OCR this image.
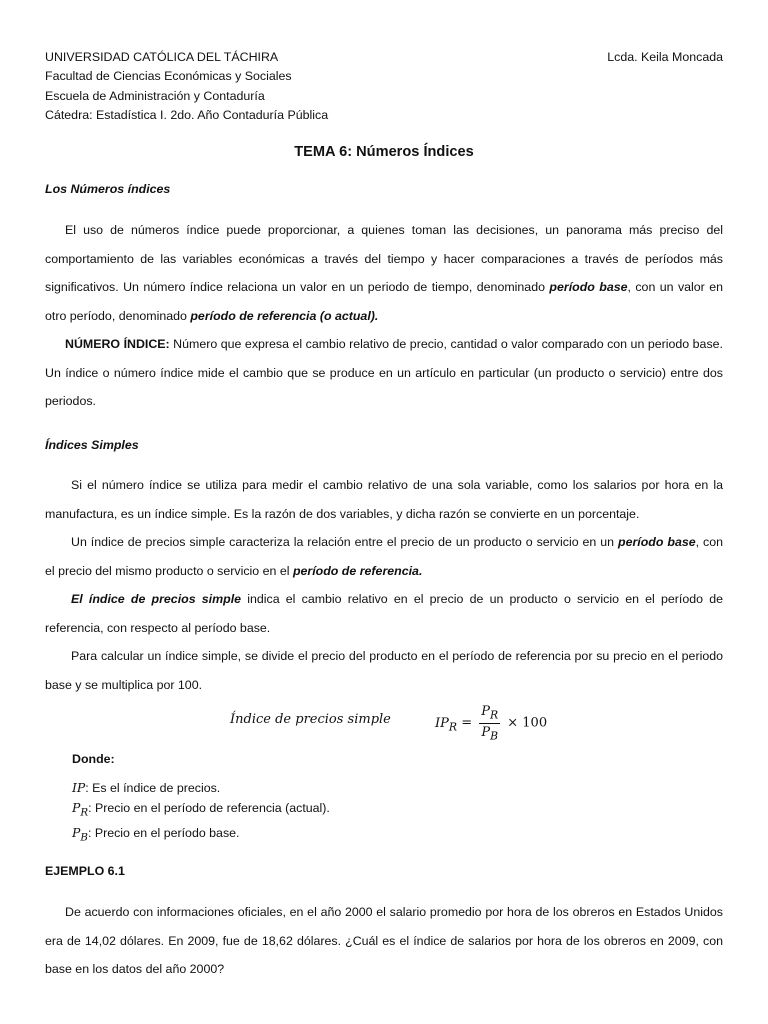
UNIVERSIDAD CATÓLICA DEL TÁCHIRA
Facultad de Ciencias Económicas y Sociales
Escuela de Administración y Contaduría
Cátedra: Estadística I. 2do. Año Contaduría Pública
Lcda. Keila Moncada
TEMA 6: Números Índices
Los Números índices
El uso de números índice puede proporcionar, a quienes toman las decisiones, un panorama más preciso del comportamiento de las variables económicas a través del tiempo y hacer comparaciones a través de períodos más significativos. Un número índice relaciona un valor en un periodo de tiempo, denominado período base, con un valor en otro período, denominado período de referencia (o actual).
NÚMERO ÍNDICE: Número que expresa el cambio relativo de precio, cantidad o valor comparado con un periodo base. Un índice o número índice mide el cambio que se produce en un artículo en particular (un producto o servicio) entre dos periodos.
Índices Simples
Si el número índice se utiliza para medir el cambio relativo de una sola variable, como los salarios por hora en la manufactura, es un índice simple. Es la razón de dos variables, y dicha razón se convierte en un porcentaje.
Un índice de precios simple caracteriza la relación entre el precio de un producto o servicio en un período base, con el precio del mismo producto o servicio en el período de referencia.
El índice de precios simple indica el cambio relativo en el precio de un producto o servicio en el período de referencia, con respecto al período base.
Para calcular un índice simple, se divide el precio del producto en el período de referencia por su precio en el periodo base y se multiplica por 100.
Índice de precios simple	$IP_R = \frac{P_R}{P_B} \times 100$
Donde:
IP: Es el índice de precios.
$P_R$: Precio en el período de referencia (actual).
$P_B$: Precio en el período base.
EJEMPLO 6.1
De acuerdo con informaciones oficiales, en el año 2000 el salario promedio por hora de los obreros en Estados Unidos era de 14,02 dólares. En 2009, fue de 18,62 dólares. ¿Cuál es el índice de salarios por hora de los obreros en 2009, con base en los datos del año 2000?
